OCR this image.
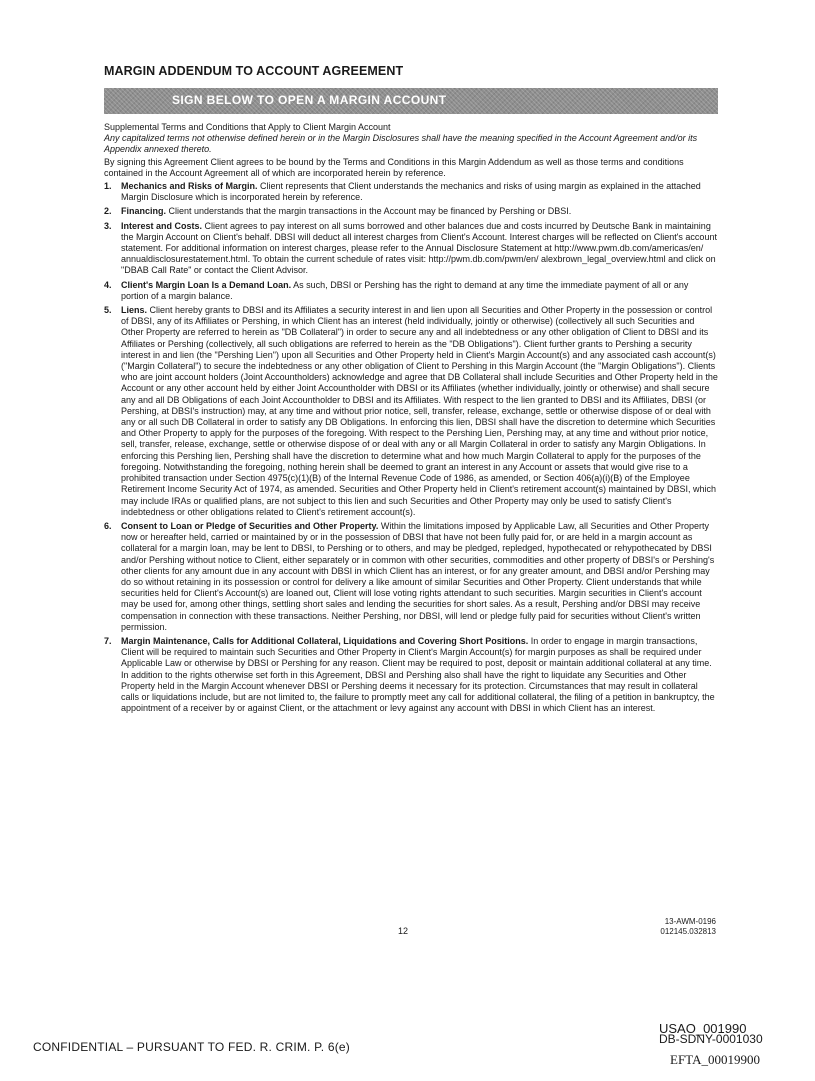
MARGIN ADDENDUM TO ACCOUNT AGREEMENT
SIGN BELOW TO OPEN A MARGIN ACCOUNT

Supplemental Terms and Conditions that Apply to Client Margin Account

Any capitalized terms not otherwise defined herein or in the Margin Disclosures shall have the meaning specified in the Account Agreement and/or its Appendix annexed thereto.

By signing this Agreement Client agrees to be bound by the Terms and Conditions in this Margin Addendum as well as those terms and conditions contained in the Account Agreement all of which are incorporated herein by reference.

1. Mechanics and Risks of Margin. Client represents that Client understands the mechanics and risks of using margin as explained in the attached Margin Disclosure which is incorporated herein by reference.
2. Financing. Client understands that the margin transactions in the Account may be financed by Pershing or DBSI.
3. Interest and Costs. Client agrees to pay interest on all sums borrowed and other balances due and costs incurred by Deutsche Bank in maintaining the Margin Account on Client's behalf. DBSI will deduct all interest charges from Client's Account. Interest charges will be reflected on Client's account statement. For additional information on interest charges, please refer to the Annual Disclosure Statement at http://www.pwm.db.com/americas/en/ annualdisclosurestatement.html. To obtain the current schedule of rates visit: http://pwm.db.com/pwm/en/ alexbrown_legal_overview.html and click on "DBAB Call Rate" or contact the Client Advisor.
4. Client's Margin Loan Is a Demand Loan. As such, DBSI or Pershing has the right to demand at any time the immediate payment of all or any portion of a margin balance.
5. Liens. Client hereby grants to DBSI and its Affiliates a security interest in and lien upon all Securities and Other Property in the possession or control of DBSI, any of its Affiliates or Pershing, in which Client has an interest (held individually, jointly or otherwise) (collectively all such Securities and Other Property are referred to herein as "DB Collateral") in order to secure any and all indebtedness or any other obligation of Client to DBSI and its Affiliates or Pershing (collectively, all such obligations are referred to herein as the "DB Obligations"). Client further grants to Pershing a security interest in and lien (the "Pershing Lien") upon all Securities and Other Property held in Client's Margin Account(s) and any associated cash account(s) ("Margin Collateral") to secure the indebtedness or any other obligation of Client to Pershing in this Margin Account (the "Margin Obligations"). Clients who are joint account holders (Joint Accountholders) acknowledge and agree that DB Collateral shall include Securities and Other Property held in the Account or any other account held by either Joint Accountholder with DBSI or its Affiliates (whether individually, jointly or otherwise) and shall secure any and all DB Obligations of each Joint Accountholder to DBSI and its Affiliates. With respect to the lien granted to DBSI and its Affiliates, DBSI (or Pershing, at DBSI's instruction) may, at any time and without prior notice, sell, transfer, release, exchange, settle or otherwise dispose of or deal with any or all such DB Collateral in order to satisfy any DB Obligations. In enforcing this lien, DBSI shall have the discretion to determine which Securities and Other Property to apply for the purposes of the foregoing. With respect to the Pershing Lien, Pershing may, at any time and without prior notice, sell, transfer, release, exchange, settle or otherwise dispose of or deal with any or all Margin Collateral in order to satisfy any Margin Obligations. In enforcing this Pershing lien, Pershing shall have the discretion to determine what and how much Margin Collateral to apply for the purposes of the foregoing. Notwithstanding the foregoing, nothing herein shall be deemed to grant an interest in any Account or assets that would give rise to a prohibited transaction under Section 4975(c)(1)(B) of the Internal Revenue Code of 1986, as amended, or Section 406(a)(i)(B) of the Employee Retirement Income Security Act of 1974, as amended. Securities and Other Property held in Client's retirement account(s) maintained by DBSI, which may include IRAs or qualified plans, are not subject to this lien and such Securities and Other Property may only be used to satisfy Client's indebtedness or other obligations related to Client's retirement account(s).
6. Consent to Loan or Pledge of Securities and Other Property. Within the limitations imposed by Applicable Law, all Securities and Other Property now or hereafter held, carried or maintained by or in the possession of DBSI that have not been fully paid for, or are held in a margin account as collateral for a margin loan, may be lent to DBSI, to Pershing or to others, and may be pledged, repledged, hypothecated or rehypothecated by DBSI and/or Pershing without notice to Client, either separately or in common with other securities, commodities and other property of DBSI's or Pershing's other clients for any amount due in any account with DBSI in which Client has an interest, or for any greater amount, and DBSI and/or Pershing may do so without retaining in its possession or control for delivery a like amount of similar Securities and Other Property. Client understands that while securities held for Client's Account(s) are loaned out, Client will lose voting rights attendant to such securities. Margin securities in Client's account may be used for, among other things, settling short sales and lending the securities for short sales. As a result, Pershing and/or DBSI may receive compensation in connection with these transactions. Neither Pershing, nor DBSI, will lend or pledge fully paid for securities without Client's written permission.
7. Margin Maintenance, Calls for Additional Collateral, Liquidations and Covering Short Positions. In order to engage in margin transactions, Client will be required to maintain such Securities and Other Property in Client's Margin Account(s) for margin purposes as shall be required under Applicable Law or otherwise by DBSI or Pershing for any reason. Client may be required to post, deposit or maintain additional collateral at any time. In addition to the rights otherwise set forth in this Agreement, DBSI and Pershing also shall have the right to liquidate any Securities and Other Property held in the Margin Account whenever DBSI or Pershing deems it necessary for its protection. Circumstances that may result in collateral calls or liquidations include, but are not limited to, the failure to promptly meet any call for additional collateral, the filing of a petition in bankruptcy, the appointment of a receiver by or against Client, or the attachment or levy against any account with DBSI in which Client has an interest.
12
13-AWM-0196
012145.032813
CONFIDENTIAL – PURSUANT TO FED. R. CRIM. P. 6(e)
USAO_001990
DB-SDNY-0001030
EFTA_00019900
